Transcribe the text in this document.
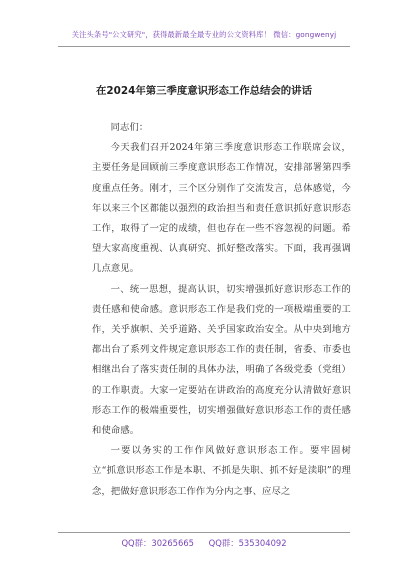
关注头条号"公文研究"，获得最新最全最专业的公文资料库！ 微信：gongwenyj
在2024年第三季度意识形态工作总结会的讲话

同志们：

今天我们召开2024年第三季度意识形态工作联席会议，主要任务是回顾前三季度意识形态工作情况，安排部署第四季度重点任务。刚才，三个区分别作了交流发言，总体感觉，今年以来三个区都能以强烈的政治担当和责任意识抓好意识形态工作，取得了一定的成绩，但也存在一些不容忽视的问题。希望大家高度重视、认真研究、抓好整改落实。下面，我再强调几点意见。

一、统一思想，提高认识，切实增强抓好意识形态工作的责任感和使命感。意识形态工作是我们党的一项极端重要的工作，关乎旗帜、关乎道路、关乎国家政治安全。从中央到地方都出台了系列文件规定意识形态工作的责任制，省委、市委也相继出台了落实责任制的具体办法，明确了各级党委（党组）的工作职责。大家一定要站在讲政治的高度充分认清做好意识形态工作的极端重要性，切实增强做好意识形态工作的责任感和使命感。

一要以务实的工作作风做好意识形态工作。要牢固树立“抓意识形态工作是本职、不抓是失职、抓不好是渎职”的理念，把做好意识形态工作作为分内之事、应尽之

QQ群：30265665 QQ群：535304092
